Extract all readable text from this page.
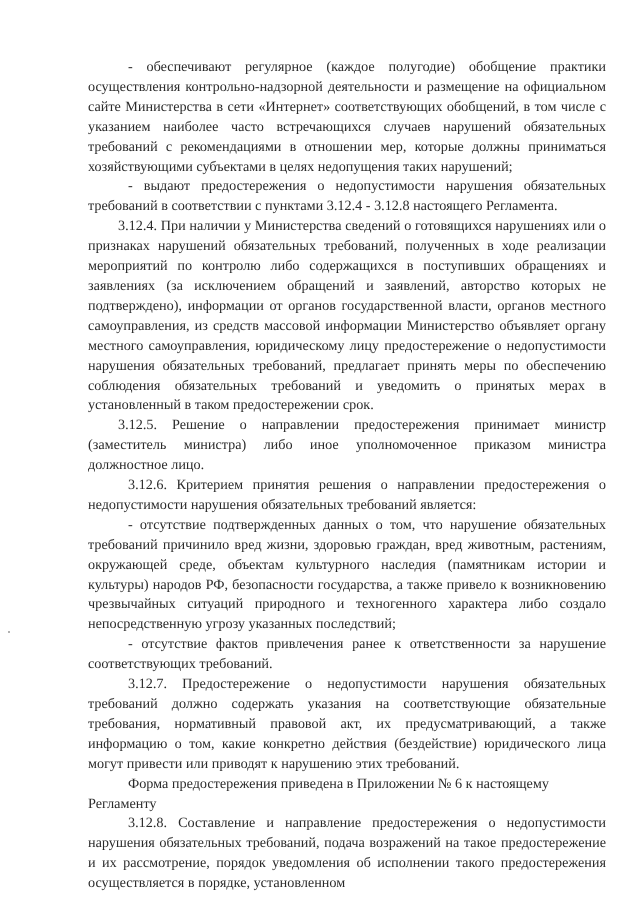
- обеспечивают регулярное (каждое полугодие) обобщение практики осуществления контрольно-надзорной деятельности и размещение на официальном сайте Министерства в сети «Интернет» соответствующих обобщений, в том числе с указанием наиболее часто встречающихся случаев нарушений обязательных требований с рекомендациями в отношении мер, которые должны приниматься хозяйствующими субъектами в целях недопущения таких нарушений;

- выдают предостережения о недопустимости нарушения обязательных требований в соответствии с пунктами 3.12.4 - 3.12.8 настоящего Регламента.

3.12.4. При наличии у Министерства сведений о готовящихся нарушениях или о признаках нарушений обязательных требований, полученных в ходе реализации мероприятий по контролю либо содержащихся в поступивших обращениях и заявлениях (за исключением обращений и заявлений, авторство которых не подтверждено), информации от органов государственной власти, органов местного самоуправления, из средств массовой информации Министерство объявляет органу местного самоуправления, юридическому лицу предостережение о недопустимости нарушения обязательных требований, предлагает принять меры по обеспечению соблюдения обязательных требований и уведомить о принятых мерах в установленный в таком предостережении срок.

3.12.5. Решение о направлении предостережения принимает министр (заместитель министра) либо иное уполномоченное приказом министра должностное лицо.

3.12.6. Критерием принятия решения о направлении предостережения о недопустимости нарушения обязательных требований является:

- отсутствие подтвержденных данных о том, что нарушение обязательных требований причинило вред жизни, здоровью граждан, вред животным, растениям, окружающей среде, объектам культурного наследия (памятникам истории и культуры) народов РФ, безопасности государства, а также привело к возникновению чрезвычайных ситуаций природного и техногенного характера либо создало непосредственную угрозу указанных последствий;

- отсутствие фактов привлечения ранее к ответственности за нарушение соответствующих требований.

3.12.7. Предостережение о недопустимости нарушения обязательных требований должно содержать указания на соответствующие обязательные требования, нормативный правовой акт, их предусматривающий, а также информацию о том, какие конкретно действия (бездействие) юридического лица могут привести или приводят к нарушению этих требований.

Форма предостережения приведена в Приложении № 6 к настоящему Регламенту

3.12.8. Составление и направление предостережения о недопустимости нарушения обязательных требований, подача возражений на такое предостережение и их рассмотрение, порядок уведомления об исполнении такого предостережения осуществляется в порядке, установленном
